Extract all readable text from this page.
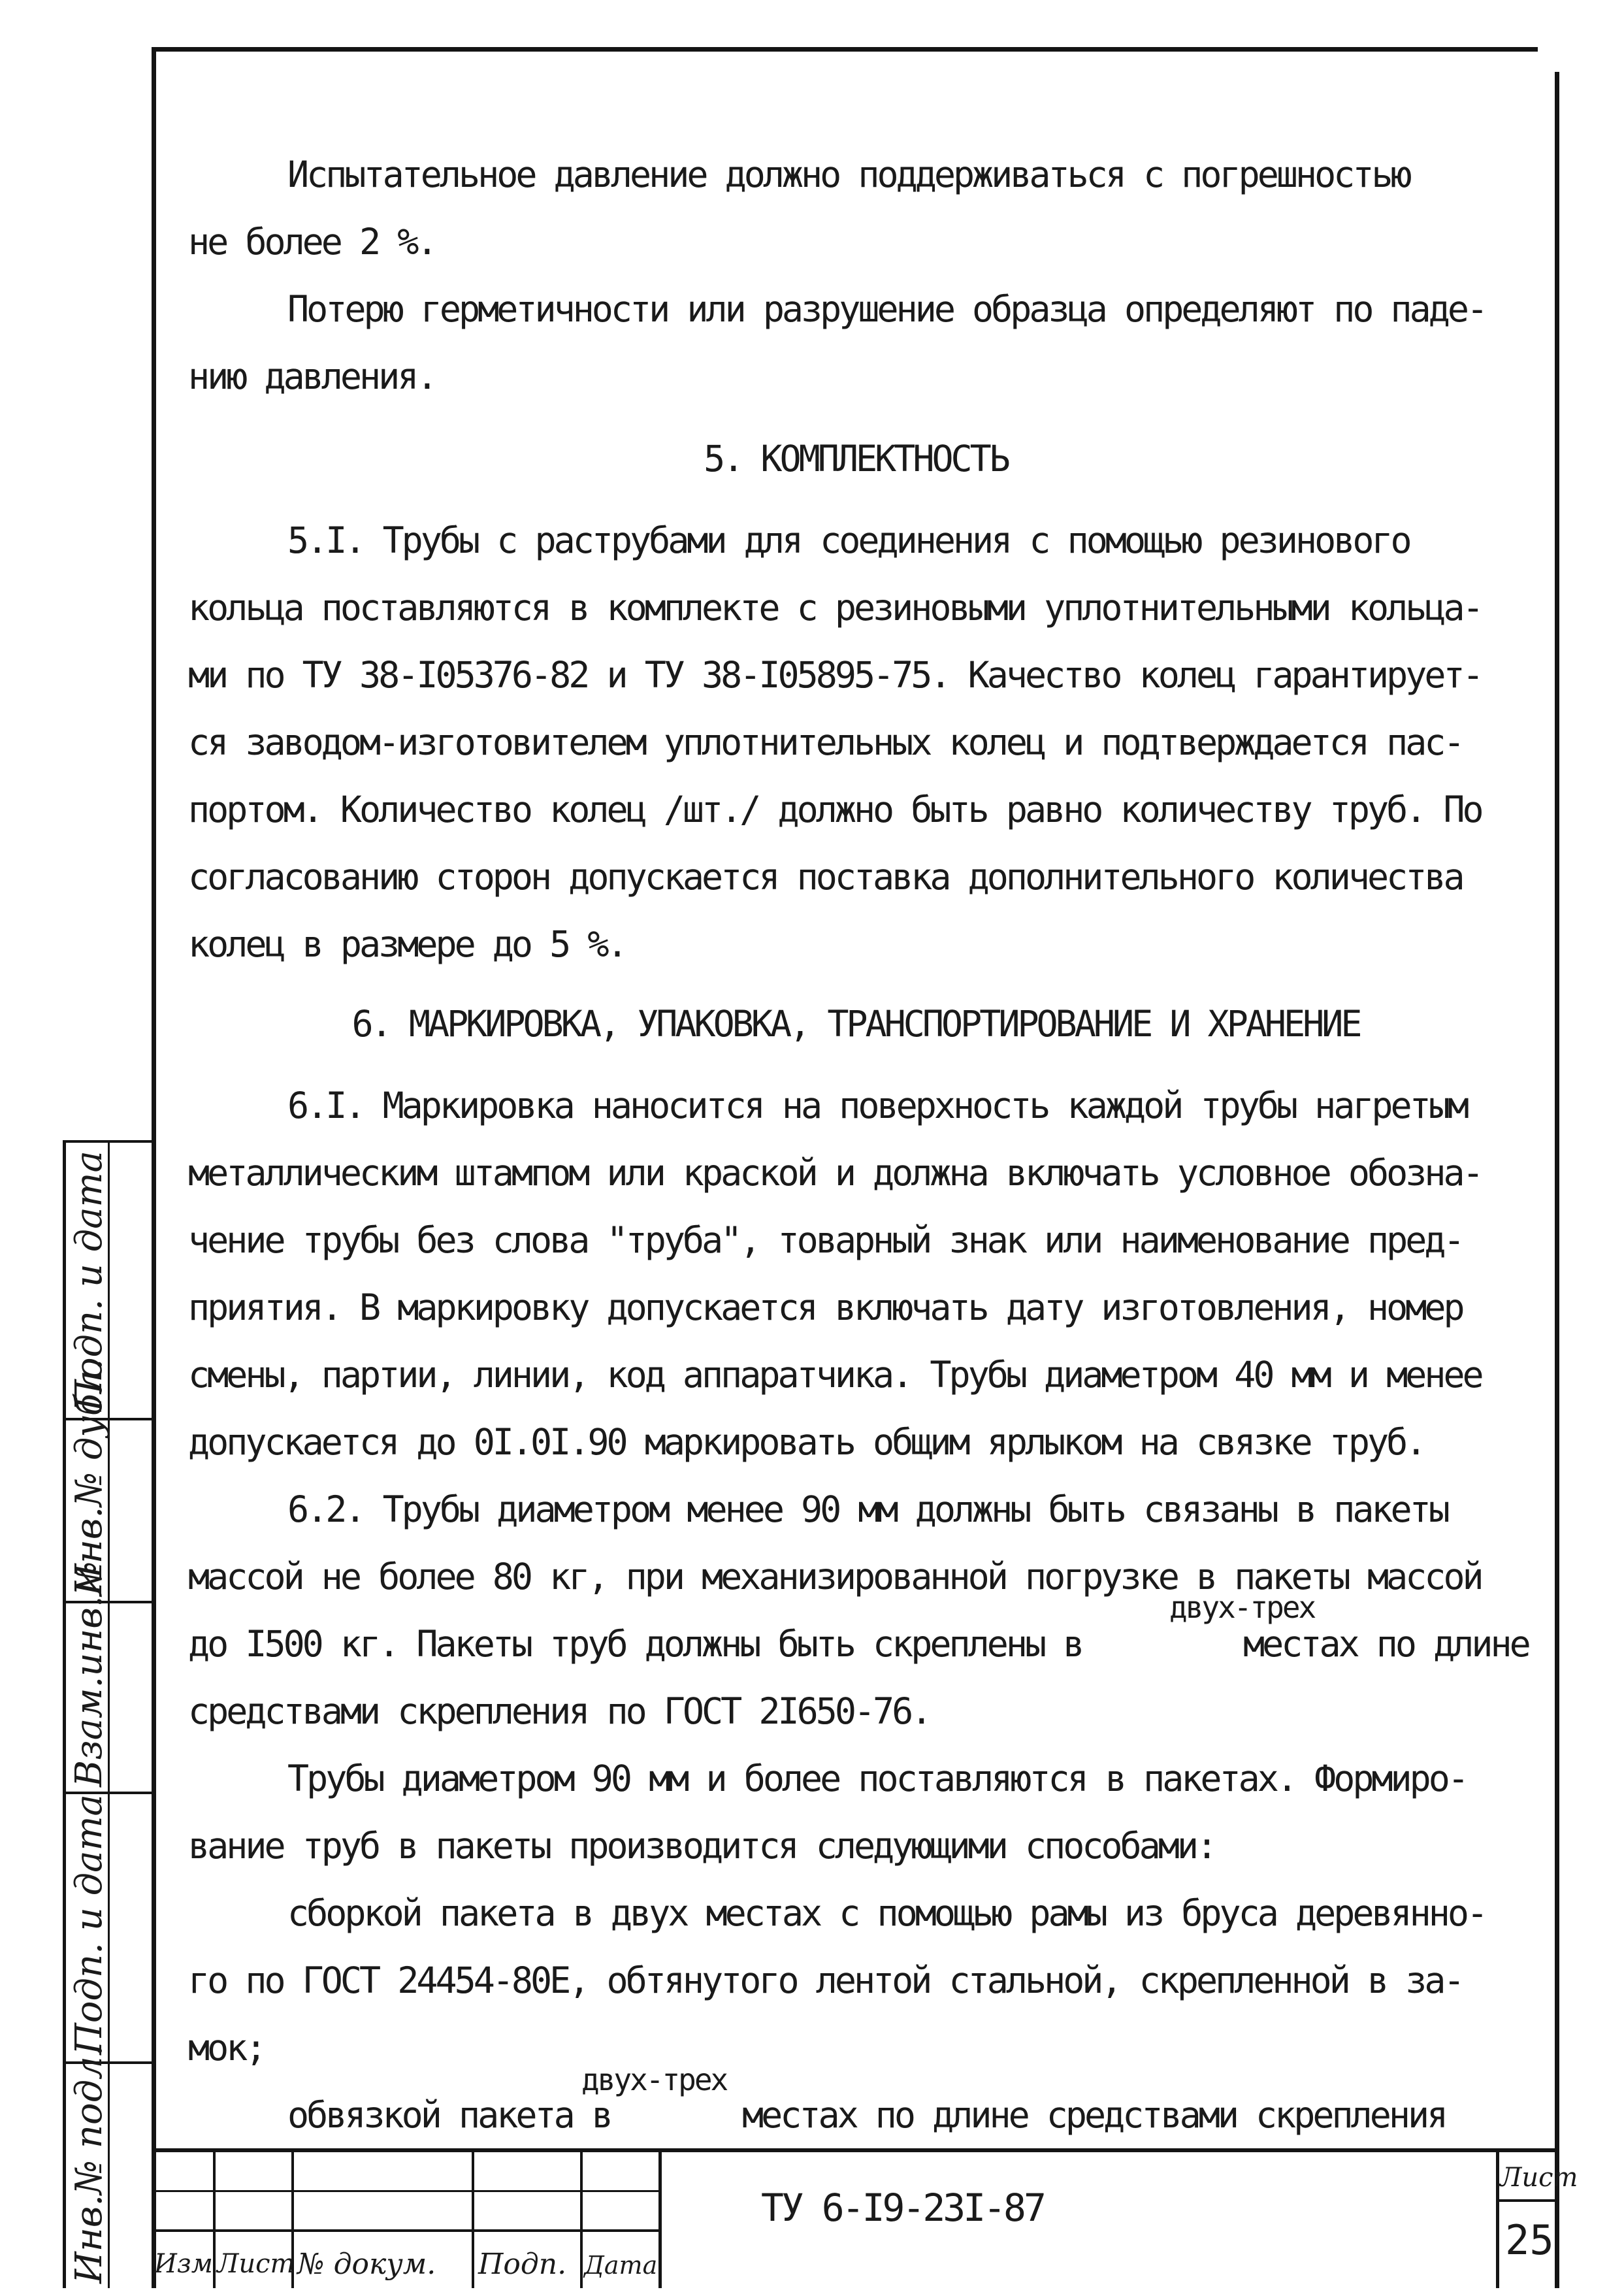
Подп. и дата
Инв.№ дубл.
Взам.инв.№
Подп. и дата
Инв.№ подл.
Испытательное давление должно поддерживаться с погрешностью
не более 2 %.
Потерю герметичности или разрушение образца определяют по паде-
нию давления.
5. КОМПЛЕКТНОСТЬ
5.I. Трубы с раструбами для соединения с помощью резинового
кольца поставляются в комплекте с резиновыми уплотнительными кольца-
ми по ТУ 38-I05376-82 и ТУ 38-I05895-75. Качество колец гарантирует-
ся заводом-изготовителем уплотнительных колец и подтверждается пас-
портом. Количество колец /шт./ должно быть равно количеству труб. По
согласованию сторон допускается поставка дополнительного количества
колец в размере до 5 %.
6. МАРКИРОВКА, УПАКОВКА, ТРАНСПОРТИРОВАНИЕ И ХРАНЕНИЕ
6.I. Маркировка наносится на поверхность каждой трубы нагретым
металлическим штампом или краской и должна включать условное обозна-
чение трубы без слова "труба", товарный знак или наименование пред-
приятия. В маркировку допускается включать дату изготовления, номер
смены, партии, линии, код аппаратчика. Трубы диаметром 40 мм и менее
допускается до 0I.0I.90 маркировать общим ярлыком на связке труб.
6.2. Трубы диаметром менее 90 мм должны быть связаны в пакеты
массой не более 80 кг, при механизированной погрузке в пакеты массой
двух-трех
до I500 кг. Пакеты труб должны быть скреплены в	местах по длине
средствами скрепления по ГОСТ 2I650-76.
Трубы диаметром 90 мм и более поставляются в пакетах. Формиро-
вание труб в пакеты производится следующими способами:
сборкой пакета в двух местах с помощью рамы из бруса деревянно-
го по ГОСТ 24454-80Е, обтянутого лентой стальной, скрепленной в за-
мок;
двух-трех
обвязкой пакета в	местах по длине средствами скрепления
Изм Лист № докум. Подп. Дата
ТУ 6-I9-23I-87
Лист
25
